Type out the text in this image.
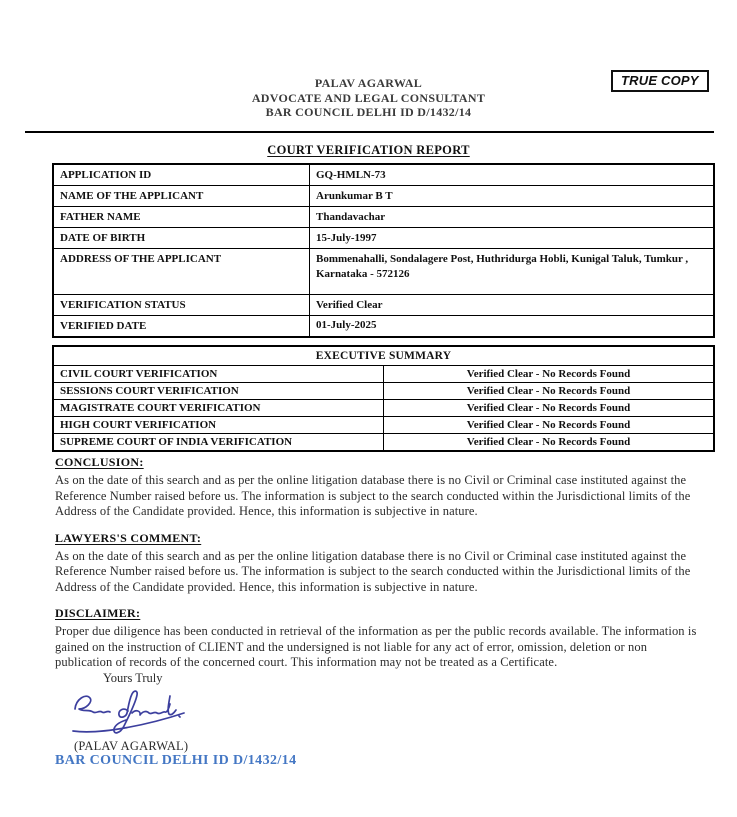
PALAV AGARWAL
ADVOCATE AND LEGAL CONSULTANT
BAR COUNCIL DELHI ID D/1432/14
TRUE COPY
COURT VERIFICATION REPORT
APPLICATION ID	GQ-HMLN-73
NAME OF THE APPLICANT	Arunkumar B T
FATHER NAME	Thandavachar
DATE OF BIRTH	15-July-1997
ADDRESS OF THE APPLICANT	Bommenahalli, Sondalagere Post, Huthridurga Hobli, Kunigal Taluk, Tumkur , Karnataka - 572126
VERIFICATION STATUS	Verified Clear
VERIFIED DATE	01-July-2025
EXECUTIVE SUMMARY	
CIVIL COURT VERIFICATION	Verified Clear - No Records Found
SESSIONS COURT VERIFICATION	Verified Clear - No Records Found
MAGISTRATE COURT VERIFICATION	Verified Clear - No Records Found
HIGH COURT VERIFICATION	Verified Clear - No Records Found
SUPREME COURT OF INDIA VERIFICATION	Verified Clear - No Records Found
CONCLUSION:

As on the date of this search and as per the online litigation database there is no Civil or Criminal case instituted against the Reference Number raised before us. The information is subject to the search conducted within the Jurisdictional limits of the Address of the Candidate provided. Hence, this information is subjective in nature.

LAWYERS'S COMMENT:

As on the date of this search and as per the online litigation database there is no Civil or Criminal case instituted against the Reference Number raised before us. The information is subject to the search conducted within the Jurisdictional limits of the Address of the Candidate provided. Hence, this information is subjective in nature.

DISCLAIMER:

Proper due diligence has been conducted in retrieval of the information as per the public records available. The information is gained on the instruction of CLIENT and the undersigned is not liable for any act of error, omission, deletion or non publication of records of the concerned court. This information may not be treated as a Certificate.

Yours Truly
(PALAV AGARWAL)
BAR COUNCIL DELHI ID D/1432/14
